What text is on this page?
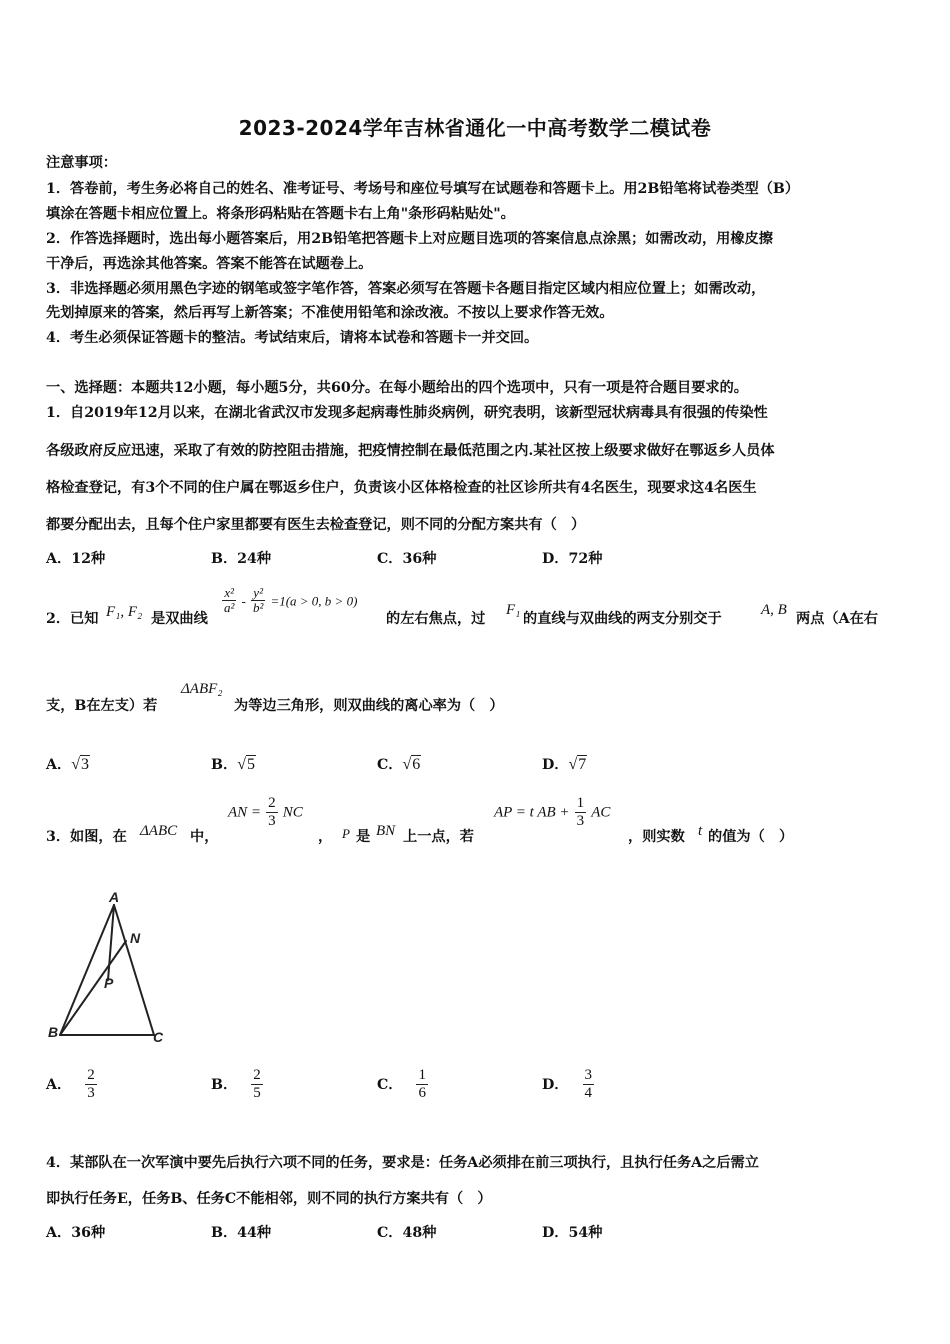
2023-2024学年吉林省通化一中高考数学二模试卷
注意事项：
1．答卷前，考生务必将自己的姓名、准考证号、考场号和座位号填写在试题卷和答题卡上。用2B铅笔将试卷类型（B）
填涂在答题卡相应位置上。将条形码粘贴在答题卡右上角"条形码粘贴处"。
2．作答选择题时，选出每小题答案后，用2B铅笔把答题卡上对应题目选项的答案信息点涂黑；如需改动，用橡皮擦
干净后，再选涂其他答案。答案不能答在试题卷上。
3．非选择题必须用黑色字迹的钢笔或签字笔作答，答案必须写在答题卡各题目指定区域内相应位置上；如需改动，
先划掉原来的答案，然后再写上新答案；不准使用铅笔和涂改液。不按以上要求作答无效。
4．考生必须保证答题卡的整洁。考试结束后，请将本试卷和答题卡一并交回。
一、选择题：本题共12小题，每小题5分，共60分。在每小题给出的四个选项中，只有一项是符合题目要求的。
1．自2019年12月以来，在湖北省武汉市发现多起病毒性肺炎病例，研究表明，该新型冠状病毒具有很强的传染性
各级政府反应迅速，采取了有效的防控阻击措施，把疫情控制在最低范围之内.某社区按上级要求做好在鄂返乡人员体
格检查登记，有3个不同的住户属在鄂返乡住户，负责该小区体格检查的社区诊所共有4名医生，现要求这4名医生
都要分配出去，且每个住户家里都要有医生去检查登记，则不同的分配方案共有（　）
A．12种	B．24种	C．36种	D．72种
2．已知 F₁, F₂ 是双曲线
$\frac{\text{x²}}{\text{a²}} - \frac{\text{y²}}{\text{b²}} =1(a > 0$, b > 0)
的左右焦点，过
F₁
的直线与双曲线的两支分别交于
A, B
两点（A在右
支，B在左支）若
ΔABF₂
为等边三角形，则双曲线的离心率为（　）
A．√3	B．√5	C．√6	D．√7
3．如图，在 ΔABC 中，
AN = $\frac{2}{3}$ NC
， P 是 BN 上一点，若
AP = t AB + $\frac{1}{3}$ AC
，则实数 t 的值为（　）
A
N
P
B	C
A． $\frac{2}{3}$	B． $\frac{2}{5}$	C． $\frac{1}{6}$	D． $\frac{3}{4}$
4．某部队在一次军演中要先后执行六项不同的任务，要求是：任务A必须排在前三项执行，且执行任务A之后需立
即执行任务E，任务B、任务C不能相邻，则不同的执行方案共有（　）
A．36种	B．44种	C．48种	D．54种
